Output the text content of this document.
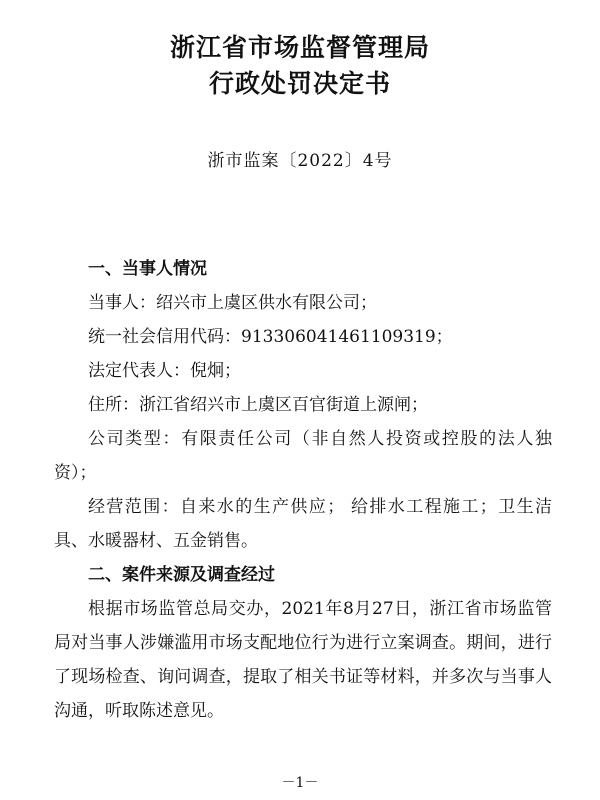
浙江省市场监督管理局
行政处罚决定书
浙市监案〔2022〕4号

一、当事人情况

当事人：绍兴市上虞区供水有限公司；

统一社会信用代码：913306041461109319；

法定代表人：倪炯；

住所：浙江省绍兴市上虞区百官街道上源闸；

公司类型：有限责任公司（非自然人投资或控股的法人独资）；

经营范围：自来水的生产供应； 给排水工程施工；卫生洁具、水暖器材、五金销售。

二、案件来源及调查经过

根据市场监管总局交办，2021年8月27日，浙江省市场监管局对当事人涉嫌滥用市场支配地位行为进行立案调查。期间，进行了现场检查、询问调查，提取了相关书证等材料，并多次与当事人沟通，听取陈述意见。

－1－
